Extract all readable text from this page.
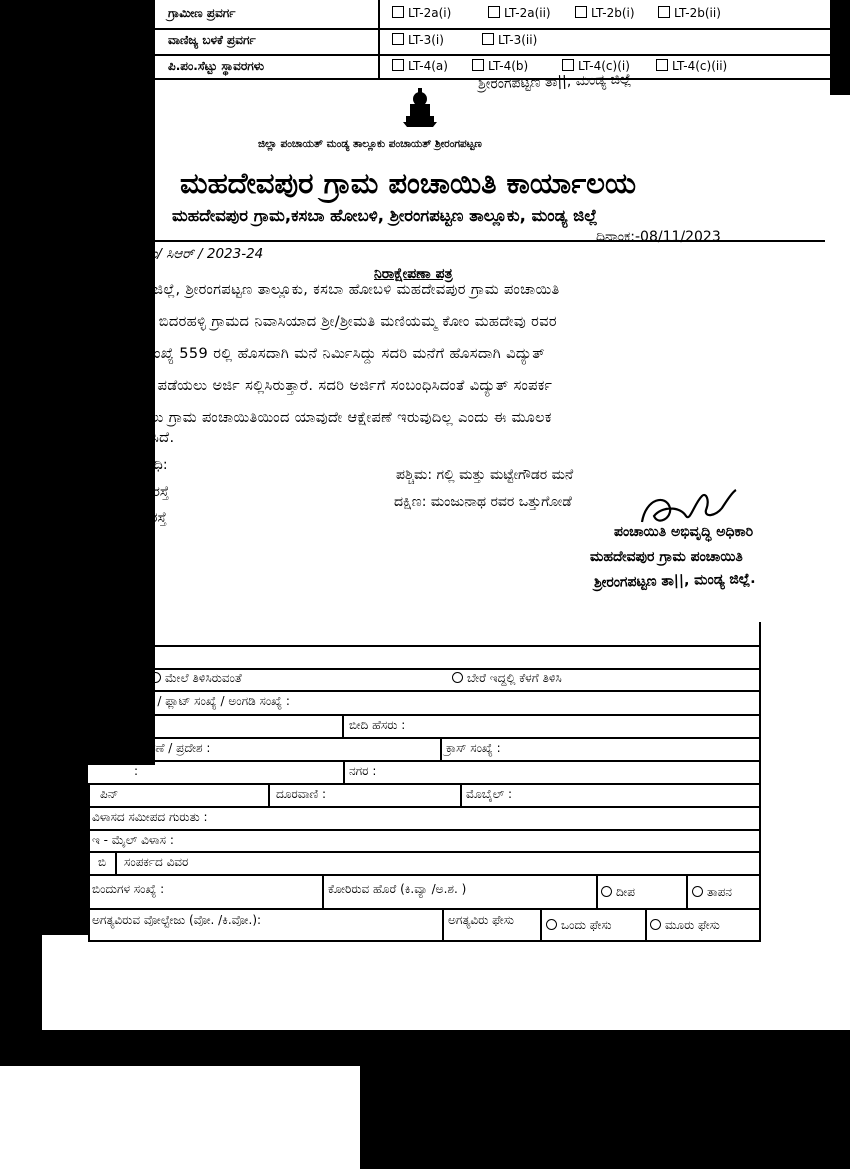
ಗ್ರಾಮೀಣ ಪ್ರವರ್ಗ	LT-2a(i)	LT-2a(ii)	LT-2b(i)	LT-2b(ii)
ವಾಣಿಜ್ಯ ಬಳಕೆ ಪ್ರವರ್ಗ	LT-3(i)	LT-3(ii)
ಪಿ.ಪಂ.ಸೆಟ್ಟು ಸ್ಥಾವರಗಳು	LT-4(a)	LT-4(b)	LT-4(c)(i)	LT-4(c)(ii)
ಶ್ರೀರಂಗಪಟ್ಟಣ ತಾ||, ಮಂಡ್ಯ ಜಿಲ್ಲೆ
ಜಿಲ್ಲಾ ಪಂಚಾಯತ್ ಮಂಡ್ಯ ತಾಲ್ಲೂಕು ಪಂಚಾಯತ್ ಶ್ರೀರಂಗಪಟ್ಟಣ
ಮಹದೇವಪುರ ಗ್ರಾಮ ಪಂಚಾಯಿತಿ ಕಾರ್ಯಾಲಯ
ಮಹದೇವಪುರ ಗ್ರಾಮ,ಕಸಬಾ ಹೋಬಳಿ, ಶ್ರೀರಂಗಪಟ್ಟಣ ತಾಲ್ಲೂಕು, ಮಂಡ್ಯ ಜಿಲ್ಲೆ
ದಿನಾಂಕ:-08/11/2023
ಗ್ರಾಪಂ/ ಸಿಆರ್ / 2023-24
ನಿರಾಕ್ಷೇಪಣಾ ಪತ್ರ
ಮಂಡ್ಯ ಜಿಲ್ಲೆ, ಶ್ರೀರಂಗಪಟ್ಟಣ ತಾಲ್ಲೂಕು, ಕಸಬಾ ಹೋಬಳಿ ಮಹದೇವಪುರ ಗ್ರಾಮ ಪಂಚಾಯಿತಿ
ವ್ಯಾಪ್ತಿಯ ಬಿದರಹಳ್ಳಿ ಗ್ರಾಮದ ನಿವಾಸಿಯಾದ ಶ್ರೀ/ಶ್ರೀಮತಿ ಮಣಿಯಮ್ಮ ಕೋಂ ಮಹದೇವು ರವರ
ಮನೆ ಸಂಖ್ಯೆ 559 ರಲ್ಲಿ ಹೊಸದಾಗಿ ಮನೆ ನಿರ್ಮಿಸಿದ್ದು ಸದರಿ ಮನೆಗೆ ಹೊಸದಾಗಿ ವಿದ್ಯುತ್
ಸಂಪರ್ಕ ಪಡೆಯಲು ಅರ್ಜಿ ಸಲ್ಲಿಸಿರುತ್ತಾರೆ. ಸದರಿ ಅರ್ಜಿಗೆ ಸಂಬಂಧಿಸಿದಂತೆ ವಿದ್ಯುತ್ ಸಂಪರ್ಕ
ಪಡೆಯಲು ಗ್ರಾಮ ಪಂಚಾಯಿತಿಯಿಂದ ಯಾವುದೇ ಆಕ್ಷೇಪಣೆ ಇರುವುದಿಲ್ಲ ಎಂದು ಈ ಮೂಲಕ
ದೃಢೀಕರಿಸಿದೆ.
ಚಕ್ಕು ಬಂಧಿ:
ಪೂರ್ವ: ರಸ್ತೆ
ಉತ್ತರ: ರಸ್ತೆ
ಪಶ್ಚಿಮ: ಗಲ್ಲಿ ಮತ್ತು ಮಟ್ಟೇಗೌಡರ ಮನೆ
ದಕ್ಷಿಣ: ಮಂಜುನಾಥ ರವರ ಒತ್ತುಗೋಡೆ
ಪಂಚಾಯಿತಿ ಅಭಿವೃದ್ಧಿ ಅಧಿಕಾರಿ
ಮಹದೇವಪುರ ಗ್ರಾಮ ಪಂಚಾಯಿತಿ
ಶ್ರೀರಂಗಪಟ್ಟಣ ತಾ||, ಮಂಡ್ಯ ಜಿಲ್ಲೆ.
ಮೇಲೆ ತಿಳಿಸಿರುವಂತೆ	ಬೇರೆ ಇದ್ದಲ್ಲಿ ಕೆಳಗೆ ತಿಳಿಸಿ
ಮನೆ / ಫ್ಲಾಟ್ ಸಂಖ್ಯೆ / ಅಂಗಡಿ ಸಂಖ್ಯೆ :
:	ಬೀದಿ ಹೆಸರು :
ಬಡಾವಣೆ / ಪ್ರದೇಶ :	ಕ್ರಾಸ್ ಸಂಖ್ಯೆ :
:	ನಗರ :
ಪಿನ್	ದೂರವಾಣಿ :	ಮೊಬೈಲ್ :
ವಿಳಾಸದ ಸಮೀಪದ ಗುರುತು :
ಇ - ಮೈಲ್ ವಿಳಾಸ :
ಬಿ ಸಂಪರ್ಕದ ವಿವರ
ಬಿಂದುಗಳ ಸಂಖ್ಯೆ :	ಕೋರಿರುವ ಹೊರೆ (ಕಿ.ವ್ಯಾ /ಅ.ಶ. )	ದೀಪ	ತಾಪನ
ಅಗತ್ಯವಿರುವ ವೋಲ್ಟೇಜು (ವೋ. /ಕಿ.ವೋ.):	ಅಗತ್ಯವಿರು ಫೇಸು	ಒಂದು ಫೇಸು	ಮೂರು ಫೇಸು
